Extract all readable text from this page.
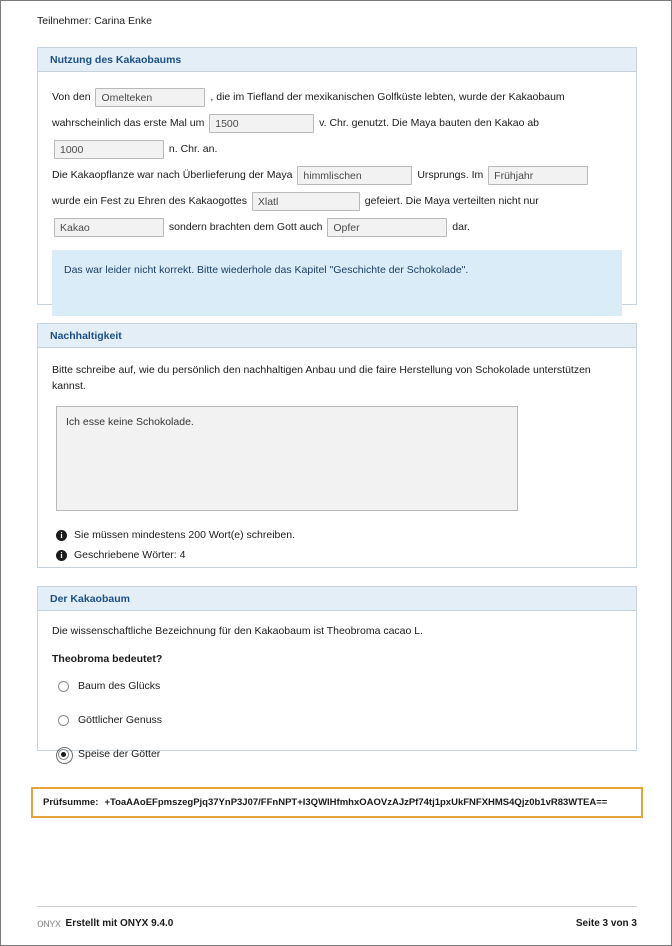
Teilnehmer: Carina Enke
Nutzung des Kakaobaums
Von den Omelteken	, die im Tiefland der mexikanischen Golfküste lebten, wurde der Kakaobaum
wahrscheinlich das erste Mal um 1500	v. Chr. genutzt. Die Maya bauten den Kakao ab
1000	n. Chr. an.
Die Kakaopflanze war nach Überlieferung der Maya himmlischen	Ursprungs. Im Frühjahr
wurde ein Fest zu Ehren des Kakaogottes Xlatl	gefeiert. Die Maya verteilten nicht nur
Kakao	sondern brachten dem Gott auch Opfer	dar.
Das war leider nicht korrekt. Bitte wiederhole das Kapitel "Geschichte der Schokolade".
Nachhaltigkeit
Bitte schreibe auf, wie du persönlich den nachhaltigen Anbau und die faire Herstellung von Schokolade unterstützen kannst.
Ich esse keine Schokolade.
i	Sie müssen mindestens 200 Wort(e) schreiben.
i	Geschriebene Wörter: 4
Der Kakaobaum
Die wissenschaftliche Bezeichnung für den Kakaobaum ist Theobroma cacao L.
Theobroma bedeutet?
Baum des Glücks
Göttlicher Genuss
Speise der Götter
Prüfsumme: +ToaAAoEFpmszegPjq37YnP3J07/FFnNPT+I3QWlHfmhxOAOVzAJzPf74tj1pxUkFNFXHMS4Qjz0b1vR83WTEA==
ᴏɴʏx Erstellt mit ONYX 9.4.0	Seite 3 von 3
